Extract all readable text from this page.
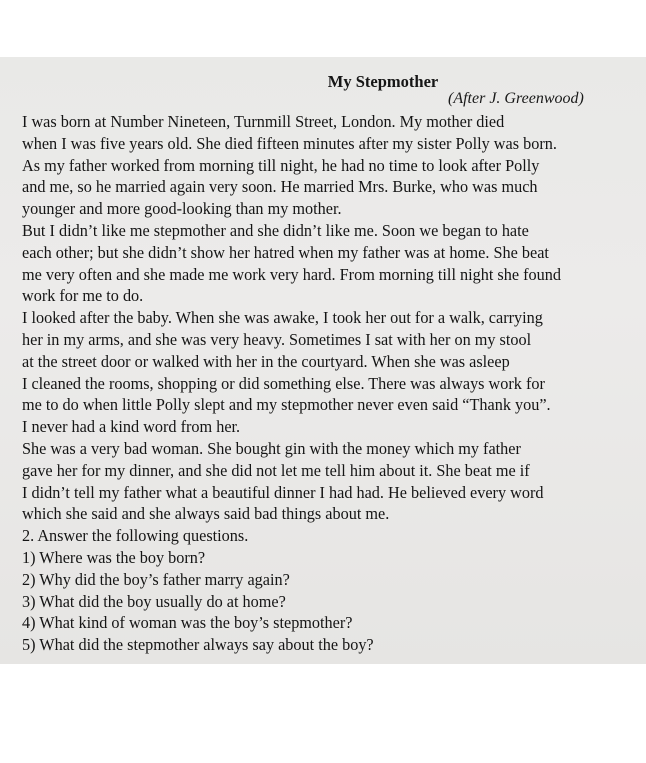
My Stepmother
(After J. Greenwood)
I was born at Number Nineteen, Turnmill Street, London. My mother died
when I was five years old. She died fifteen minutes after my sister Polly was born.
As my father worked from morning till night, he had no time to look after Polly
and me, so he married again very soon. He married Mrs. Burke, who was much
younger and more good-looking than my mother.
But I didn’t like me stepmother and she didn’t like me. Soon we began to hate
each other; but she didn’t show her hatred when my father was at home. She beat
me very often and she made me work very hard. From morning till night she found
work for me to do.
I looked after the baby. When she was awake, I took her out for a walk, carrying
her in my arms, and she was very heavy. Sometimes I sat with her on my stool
at the street door or walked with her in the courtyard. When she was asleep
I cleaned the rooms, shopping or did something else. There was always work for
me to do when little Polly slept and my stepmother never even said “Thank you”.
I never had a kind word from her.
She was a very bad woman. She bought gin with the money which my father
gave her for my dinner, and she did not let me tell him about it. She beat me if
I didn’t tell my father what a beautiful dinner I had had. He believed every word
which she said and she always said bad things about me.
2. Answer the following questions.
1) Where was the boy born?
2) Why did the boy’s father marry again?
3) What did the boy usually do at home?
4) What kind of woman was the boy’s stepmother?
5) What did the stepmother always say about the boy?
